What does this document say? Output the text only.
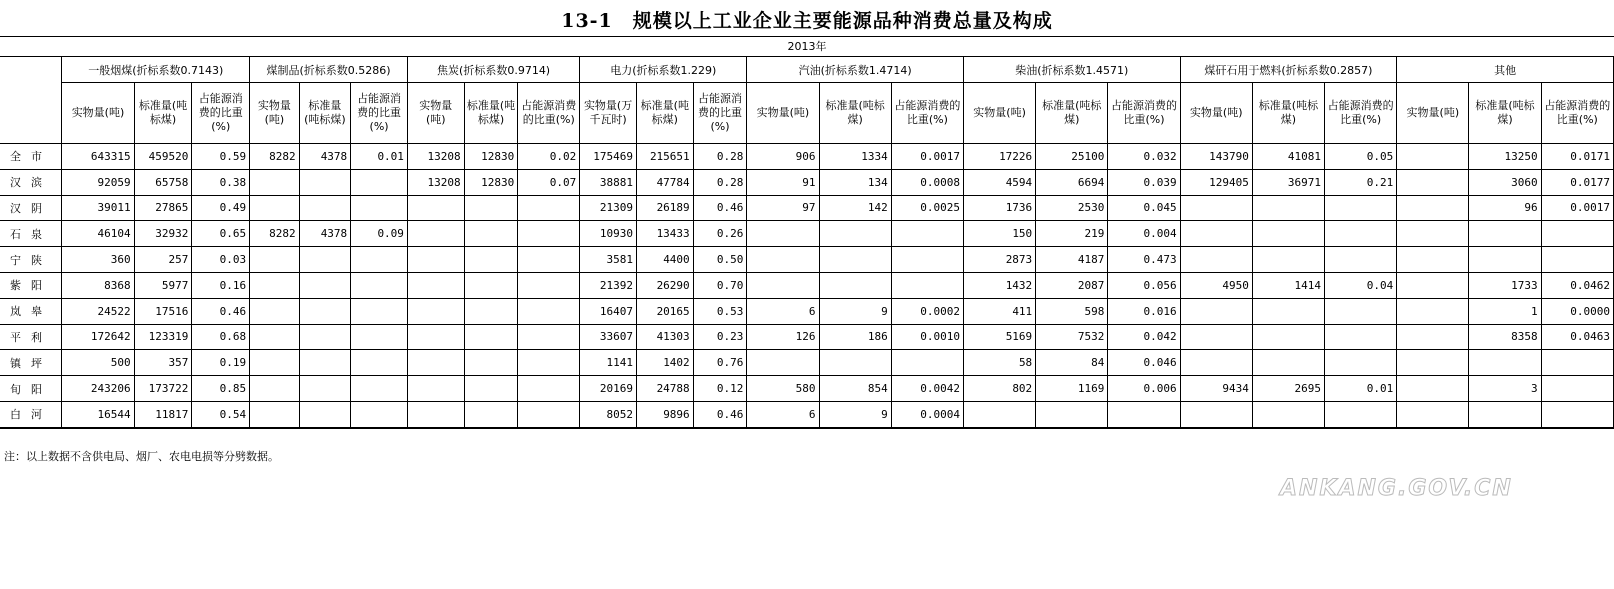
13-1　规模以上工业企业主要能源品种消费总量及构成
2013年
	一般烟煤(折标系数0.7143)			煤制品(折标系数0.5286)			焦炭(折标系数0.9714)			电力(折标系数1.229)			汽油(折标系数1.4714)			柴油(折标系数1.4571)			煤矸石用于燃料(折标系数0.2857)			其他		
	实物量(吨)	标准量(吨标煤)	占能源消费的比重(%)	实物量(吨)	标准量(吨标煤)	占能源消费的比重(%)	实物量(吨)	标准量(吨标煤)	占能源消费的比重(%)	实物量(万千瓦时)	标准量(吨标煤)	占能源消费的比重(%)	实物量(吨)	标准量(吨标煤)	占能源消费的比重(%)	实物量(吨)	标准量(吨标煤)	占能源消费的比重(%)	实物量(吨)	标准量(吨标煤)	占能源消费的比重(%)	实物量(吨)	标准量(吨标煤)	占能源消费的比重(%)
全市	643315	459520	0.59	8282	4378	0.01	13208	12830	0.02	175469	215651	0.28	906	1334	0.0017	17226	25100	0.032	143790	41081	0.05		13250	0.0171
汉滨	92059	65758	0.38				13208	12830	0.07	38881	47784	0.28	91	134	0.0008	4594	6694	0.039	129405	36971	0.21		3060	0.0177
汉阴	39011	27865	0.49							21309	26189	0.46	97	142	0.0025	1736	2530	0.045					96	0.0017
石泉	46104	32932	0.65	8282	4378	0.09				10930	13433	0.26				150	219	0.004						
宁陕	360	257	0.03							3581	4400	0.50				2873	4187	0.473						
紫阳	8368	5977	0.16							21392	26290	0.70				1432	2087	0.056	4950	1414	0.04		1733	0.0462
岚皋	24522	17516	0.46							16407	20165	0.53	6	9	0.0002	411	598	0.016					1	0.0000
平利	172642	123319	0.68							33607	41303	0.23	126	186	0.0010	5169	7532	0.042					8358	0.0463
镇坪	500	357	0.19							1141	1402	0.76				58	84	0.046						
旬阳	243206	173722	0.85							20169	24788	0.12	580	854	0.0042	802	1169	0.006	9434	2695	0.01		3	
白河	16544	11817	0.54							8052	9896	0.46	6	9	0.0004									
注：以上数据不含供电局、烟厂、农电电损等分劈数据。
ANKANG.GOV.CN
